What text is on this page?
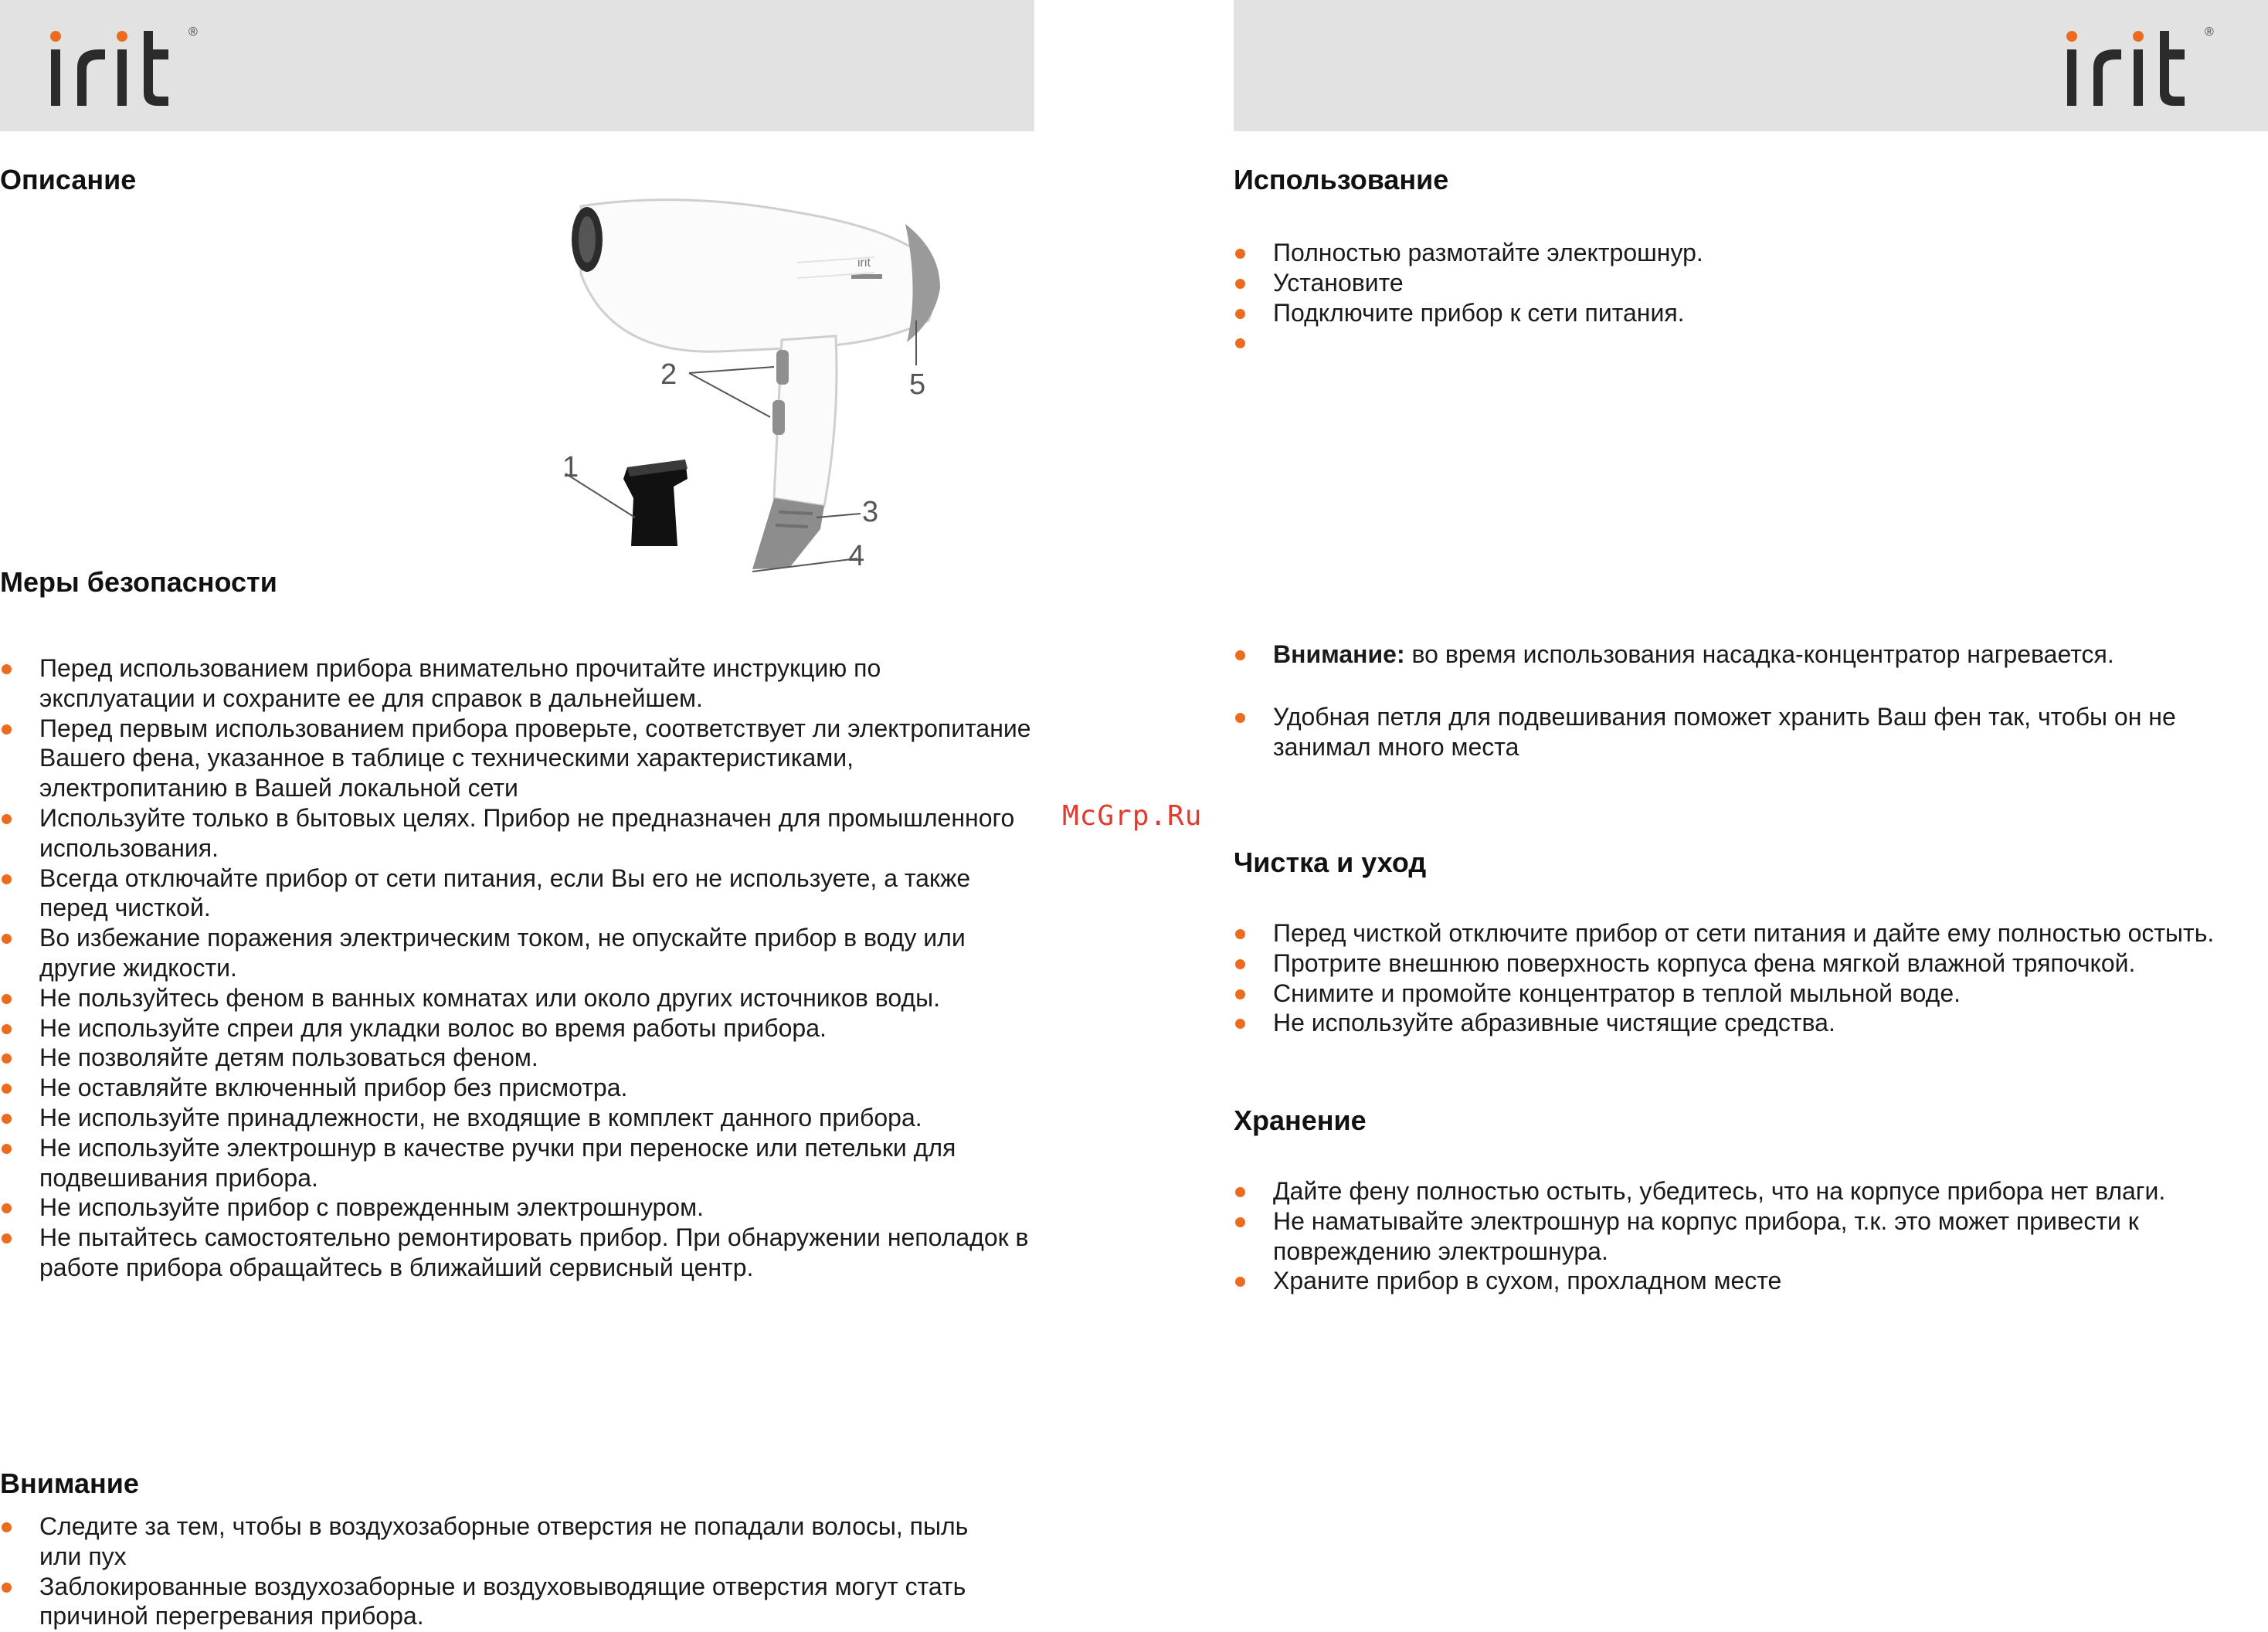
®
Описание
Меры безопасности
Перед использованием прибора внимательно прочитайте инструкцию по эксплуатации и сохраните ее для справок в дальнейшем.
Перед первым использованием прибора проверьте, соответствует ли электропитание Вашего фена, указанное в таблице с техническими характеристиками, электропитанию в Вашей локальной сети
Используйте только в бытовых целях. Прибор не предназначен для промышленного использования.
Всегда отключайте прибор от сети питания, если Вы его не используете, а также перед чисткой.
Во избежание поражения электрическим током, не опускайте прибор в воду или другие жидкости.
Не пользуйтесь феном в ванных комнатах или около других источников воды.
Не используйте спреи для укладки волос во время работы прибора.
Не позволяйте детям пользоваться феном.
Не оставляйте включенный прибор без присмотра.
Не используйте принадлежности, не входящие в комплект данного прибора.
Не используйте электрошнур в качестве ручки при переноске или петельки для подвешивания прибора.
Не используйте прибор с поврежденным электрошнуром.
Не пытайтесь самостоятельно ремонтировать прибор. При обнаружении неполадок в работе прибора обращайтесь в ближайший сервисный центр.
Внимание
Следите за тем, чтобы в воздухозаборные отверстия не попадали волосы, пыль или пух
Заблокированные воздухозаборные и воздуховыводящие отверстия могут стать причиной перегревания прибора.
irit
1
2
3
4
5
McGrp.Ru
®
Использование
Полностью размотайте электрошнур.
Установите
Подключите прибор к сети питания.

Внимание: во время использования насадка-концентратор нагревается.

Удобная петля для подвешивания поможет хранить Ваш фен так, чтобы он не занимал много места

Чистка и уход
Перед чисткой отключите прибор от сети питания и дайте ему полностью остыть.
Протрите внешнюю поверхность корпуса фена мягкой влажной тряпочкой.
Снимите и промойте концентратор в теплой мыльной воде.
Не используйте абразивные чистящие средства.
Хранение
Дайте фену полностью остыть, убедитесь, что на корпусе прибора нет влаги.
Не наматывайте электрошнур на корпус прибора, т.к. это может привести к повреждению электрошнура.
Храните прибор в сухом, прохладном месте
